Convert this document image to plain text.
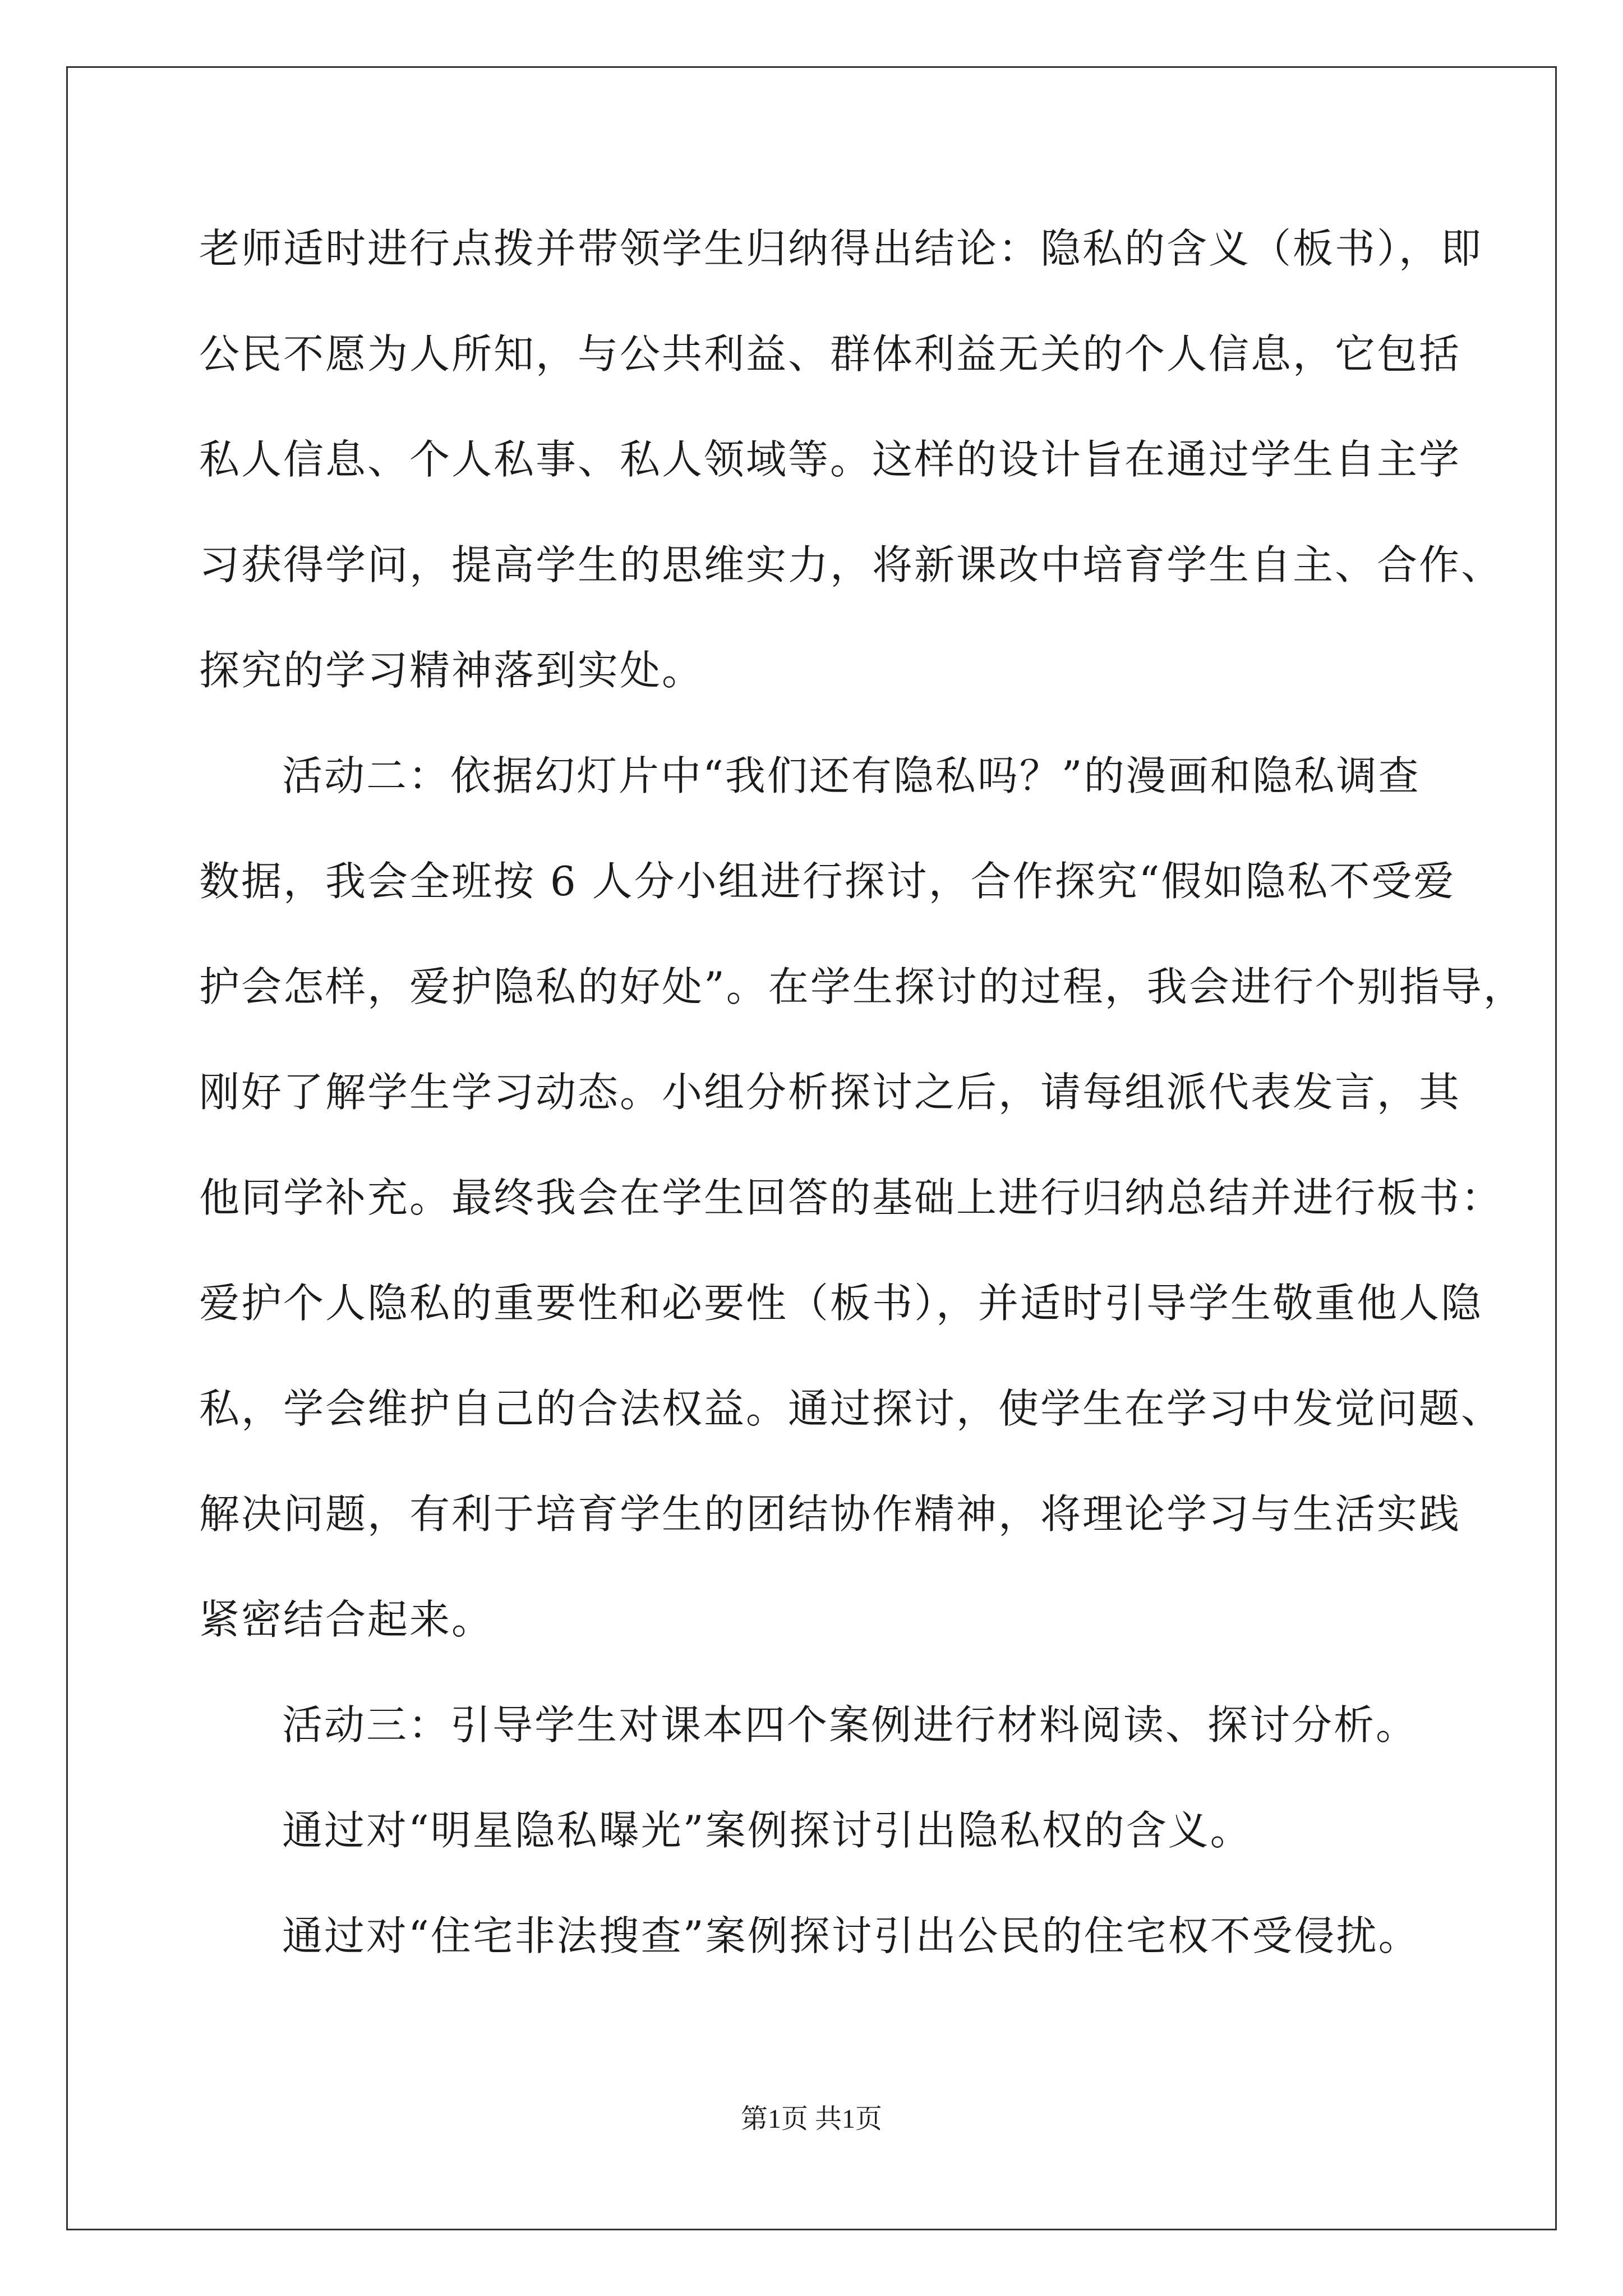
老师适时进行点拨并带领学生归纳得出结论：隐私的含义（板书），即
公民不愿为人所知，与公共利益、群体利益无关的个人信息，它包括
私人信息、个人私事、私人领域等。这样的设计旨在通过学生自主学
习获得学问，提高学生的思维实力，将新课改中培育学生自主、合作、
探究的学习精神落到实处。
活动二：依据幻灯片中“我们还有隐私吗？”的漫画和隐私调查
数据，我会全班按 6 人分小组进行探讨，合作探究“假如隐私不受爱
护会怎样，爱护隐私的好处”。在学生探讨的过程，我会进行个别指导，
刚好了解学生学习动态。小组分析探讨之后，请每组派代表发言，其
他同学补充。最终我会在学生回答的基础上进行归纳总结并进行板书：
爱护个人隐私的重要性和必要性（板书），并适时引导学生敬重他人隐
私，学会维护自己的合法权益。通过探讨，使学生在学习中发觉问题、
解决问题，有利于培育学生的团结协作精神，将理论学习与生活实践
紧密结合起来。
活动三：引导学生对课本四个案例进行材料阅读、探讨分析。
通过对“明星隐私曝光”案例探讨引出隐私权的含义。
通过对“住宅非法搜查”案例探讨引出公民的住宅权不受侵扰。
第1页 共1页
